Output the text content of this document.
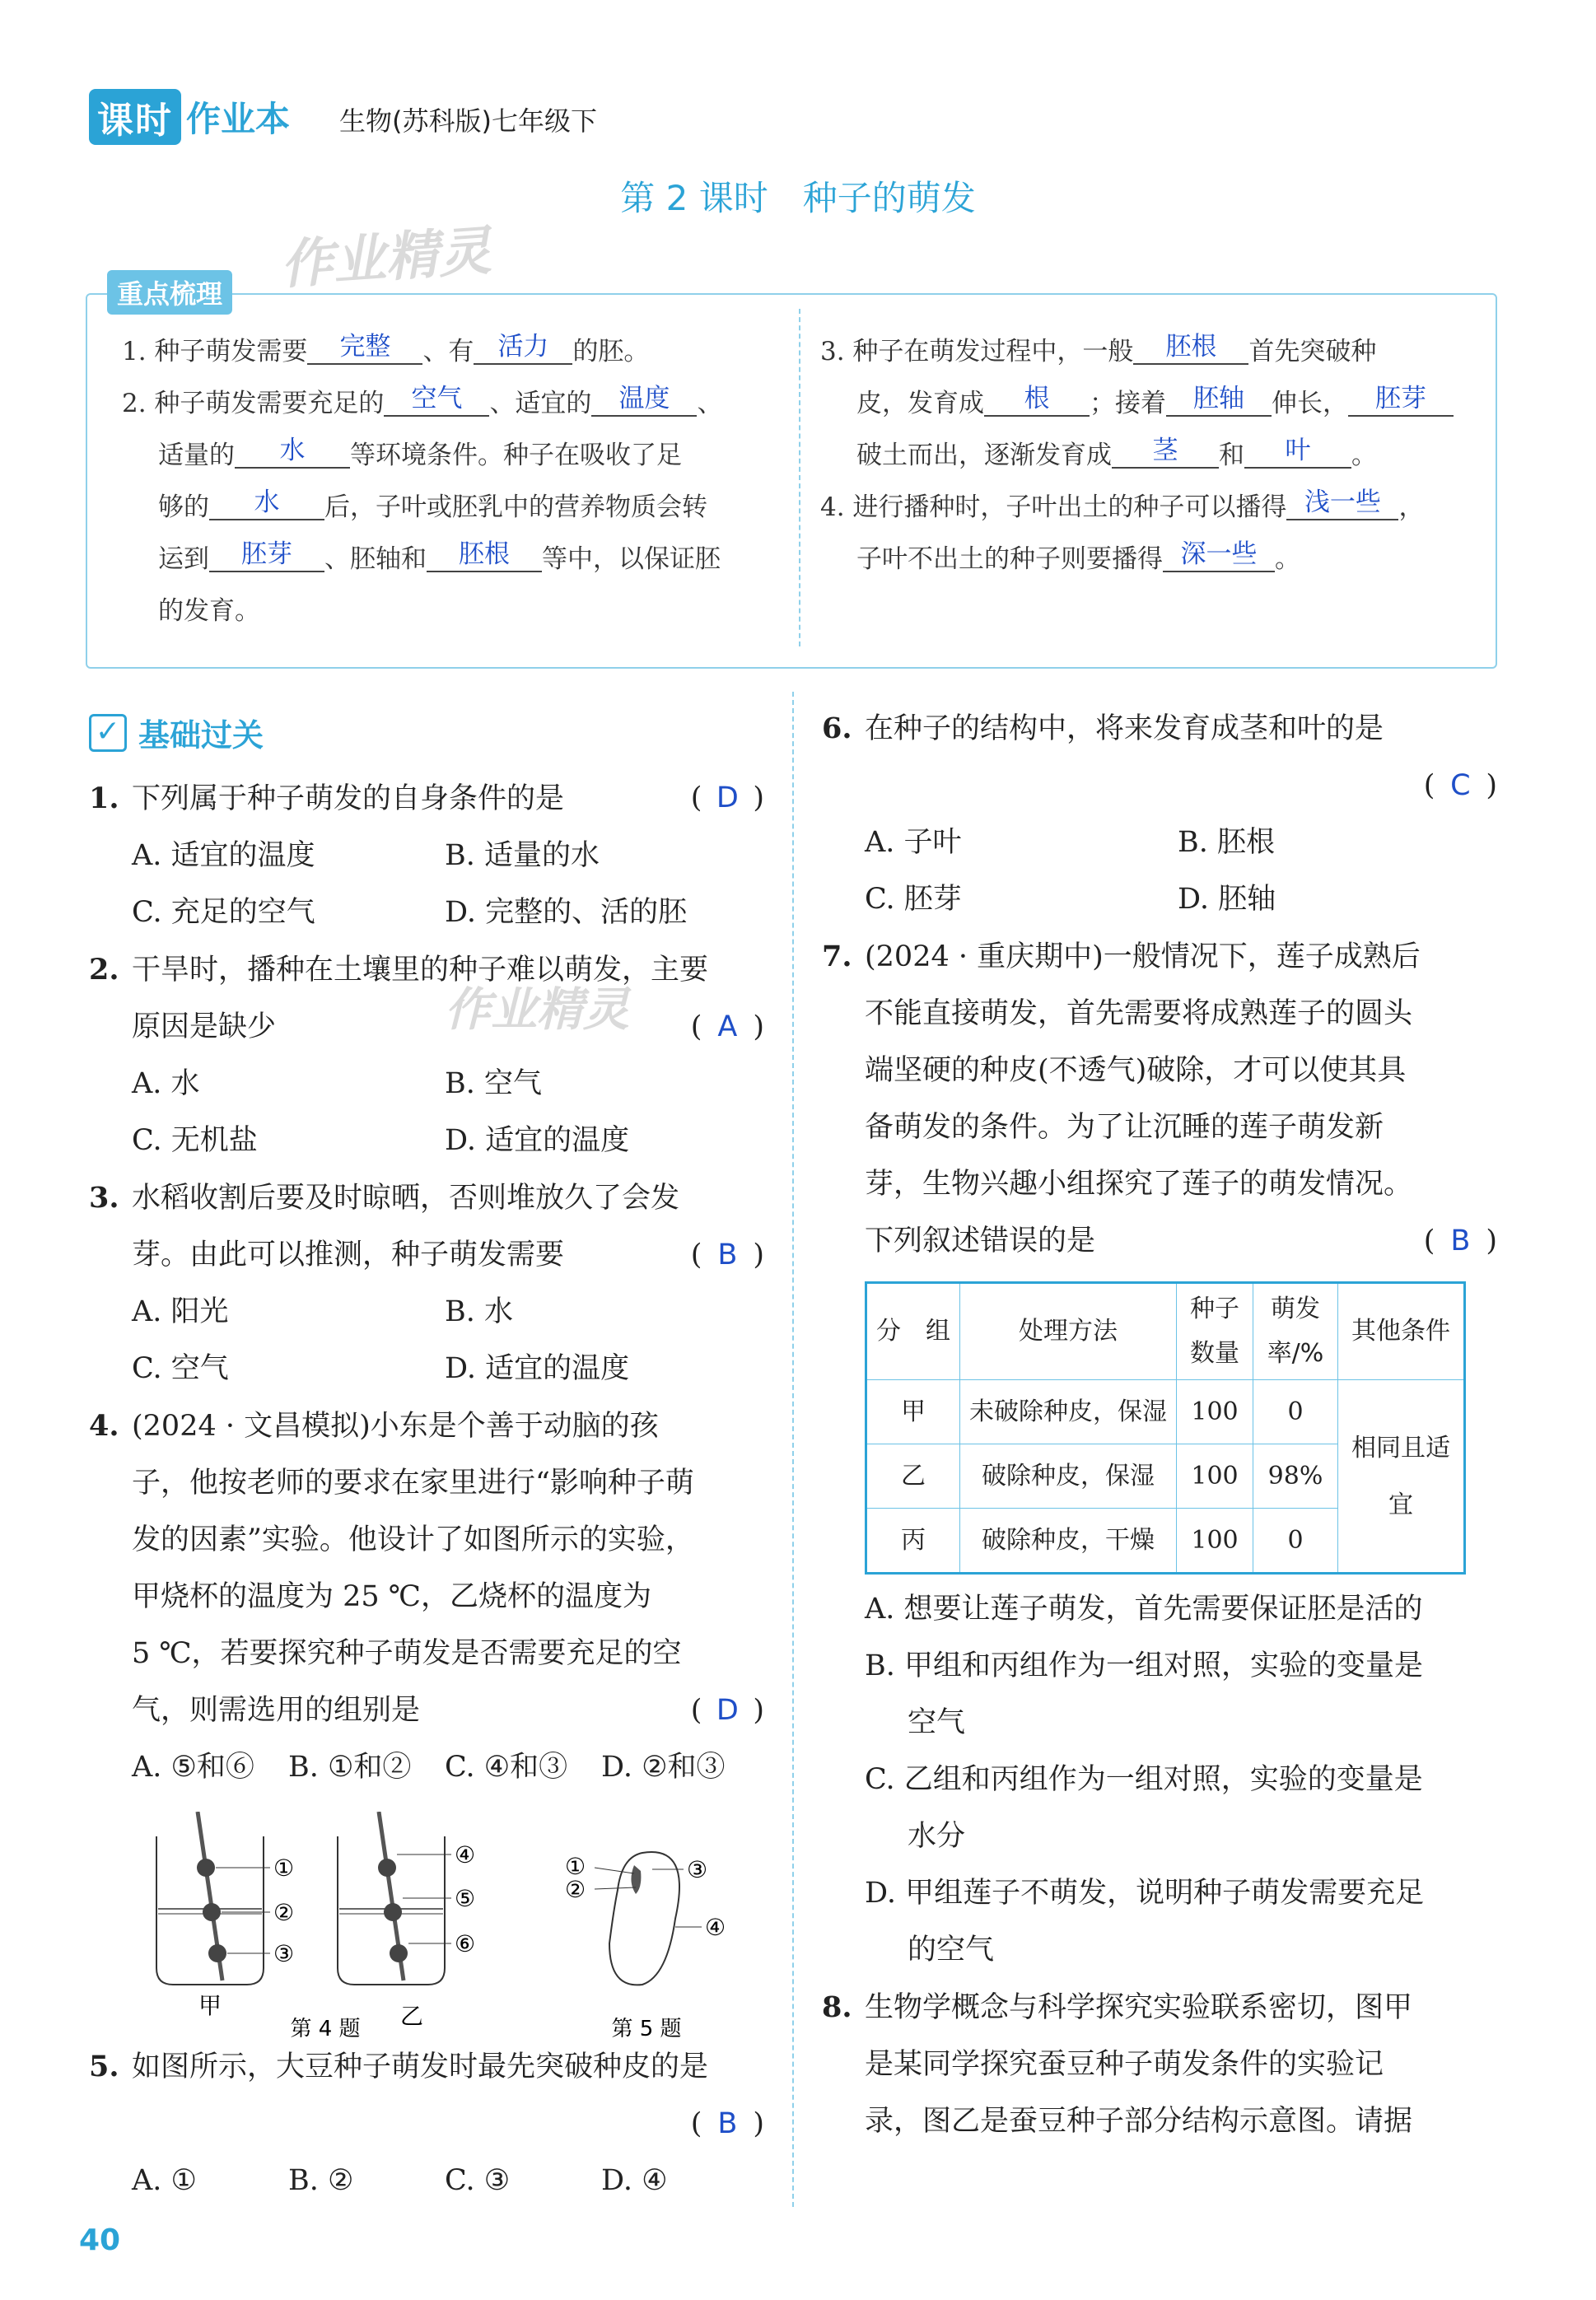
课时 作业本 生物(苏科版)七年级下
第 2 课时　种子的萌发
作业精灵
重点梳理

1. 种子萌发需要 完整 、有 活力 的胚。

2. 种子萌发需要充足的 空气 、适宜的 温度 、

适量的 水 等环境条件。种子在吸收了足

够的 水 后，子叶或胚乳中的营养物质会转

运到 胚芽 、胚轴和 胚根 等中，以保证胚

的发育。

3. 种子在萌发过程中，一般 胚根 首先突破种

皮，发育成 根 ；接着 胚轴 伸长， 胚芽

破土而出，逐渐发育成 茎 和 叶 。

4. 进行播种时，子叶出土的种子可以播得 浅一些 ，

子叶不出土的种子则要播得 深一些 。

✓ 基础过关

1. 下列属于种子萌发的自身条件的是	( D )

A. 适宜的温度	B. 适量的水
C. 充足的空气	D. 完整的、活的胚

2. 干旱时，播种在土壤里的种子难以萌发，主要

原因是缺少	( A )

A. 水	B. 空气
C. 无机盐	D. 适宜的温度

3. 水稻收割后要及时晾晒，否则堆放久了会发

芽。由此可以推测，种子萌发需要	( B )

A. 阳光	B. 水
C. 空气	D. 适宜的温度

4. (2024 · 文昌模拟)小东是个善于动脑的孩

子，他按老师的要求在家里进行“影响种子萌

发的因素”实验。他设计了如图所示的实验，

甲烧杯的温度为 25 ℃，乙烧杯的温度为

5 ℃，若要探究种子萌发是否需要充足的空

气，则需选用的组别是	( D )

A. ⑤和⑥	B. ①和②	C. ④和③	D. ②和③
①
②
③
甲
④
⑤
⑥
乙
①
②
③
④
第 4 题	第 5 题

5. 如图所示，大豆种子萌发时最先突破种皮的是

( B )

A. ①	B. ②	C. ③	D. ④

6. 在种子的结构中，将来发育成茎和叶的是

( C )

A. 子叶	B. 胚根
C. 胚芽	D. 胚轴

7. (2024 · 重庆期中)一般情况下，莲子成熟后

不能直接萌发，首先需要将成熟莲子的圆头

端坚硬的种皮(不透气)破除，才可以使其具

备萌发的条件。为了让沉睡的莲子萌发新

芽，生物兴趣小组探究了莲子的萌发情况。

下列叙述错误的是	( B )

分　组	处理方法	种子数量	萌发率/%	其他条件
甲	未破除种皮，保湿	100	0	相同且适宜
乙	破除种皮，保湿	100	98%	
丙	破除种皮，干燥	100	0	

A. 想要让莲子萌发，首先需要保证胚是活的

B. 甲组和丙组作为一组对照，实验的变量是

空气

C. 乙组和丙组作为一组对照，实验的变量是

水分

D. 甲组莲子不萌发，说明种子萌发需要充足

的空气

8. 生物学概念与科学探究实验联系密切，图甲

是某同学探究蚕豆种子萌发条件的实验记

录，图乙是蚕豆种子部分结构示意图。请据

作业精灵
40
